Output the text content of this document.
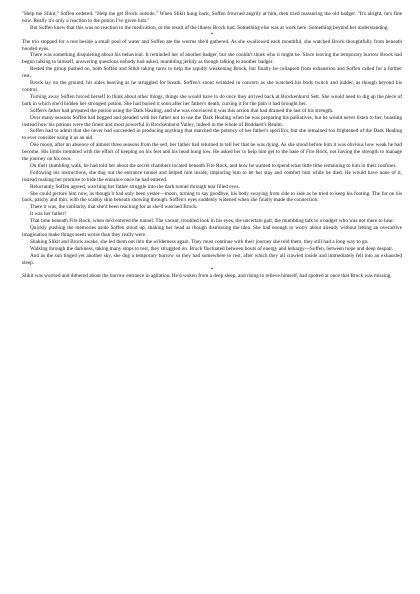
"Help me Slikit," Soffen ordered. "Help me get Brock outside." When Slikit hung back, Soffen frowned angrily at him, then tried reassuring the old badger. "It's alright, he's fine now. Really it's only a reaction to the potion I've given him."

But Soffen knew that this was no reaction to the medication, or the result of the illness Brock had. Something else was at work here. Something beyond her understanding.

*

The trio stopped for a rest beside a small pool of water and Soffen ate the worms she'd gathered. As she swallowed each mouthful, she watched Brock thoughtfully from beneath hooded eyes.

There was something disquieting about his behaviour. It reminded her of another badger, but she couldn't think who it might be. Since leaving the temporary burrow Brock had begun talking to himself, answering questions nobody had asked, mumbling jerkily as though talking to another badger.

Rested the group pushed on, both Soffen and Slikit taking turns to help the rapidly weakening Brock, but finally he collapsed from exhaustion and Soffen called for a further rest.

Brock lay on the ground, his sides heaving as he struggled for breath. Soffen's snout wrinkled in concern as she watched his body twitch and judder, as though beyond his control.

Turning away Soffen forced herself to think about other things, things she would have to do once they arrived back at Brockenhurst Sett. She would need to dig up the piece of bark in which she'd hidden her strongest potion. She had buried it soon after her father's death, cursing it for the pain it had brought her.

Soffen's father had prepared the potion using the Dark Healing, and she was convinced it was this action that had drained the last of his strength.

Over many seasons Soffen had begged and pleaded with her father not to use the Dark Healing when he was preparing his palliatives, but he would never listen to her, boasting instead how his potions were the finest and most powerful in Brockenhurst Valley, indeed in the whole of Boddaert's Realm.

Soffen had to admit that she never had succeeded in producing anything that matched the potency of her father's specifics, but she remained too frightened of the Dark Healing to ever consider using it as an aid.

One moon, after an absence of almost three seasons from the sett, her father had returned to tell her that he was dying. As she stood before him it was obvious how weak he had become. His limbs trembled with the effort of keeping on his feet and his head hung low. He asked her to help him get to the base of Fire Rock, not having the strength to manage the journey on his own.

On their stumbling walk, he had told her about the secret chambers located beneath Fire Rock, and how he wanted to spend what little time remaining to him in their confines.

Following his instructions, she dug out the entrance tunnel and helped him inside, imploring him to let her stay and comfort him while he died. He would have none of it, instead making her promise to hide the entrance once he had entered.

Reluctantly Soffen agreed, watching her father struggle into the dark tunnel through tear filled eyes.

She could picture him now, as though it had only been yester—moon, turning to say goodbye, his body swaying from side to side as he tried to keep his footing. The fur on his back, patchy and thin, with the scabby skin beneath showing through. Soffen's eyes suddenly widened when she finally made the connection.

There it was, the similarity that she'd been reaching for as she'd watched Brock.

It was her father!

That time beneath Fire Rock, when he'd entered the tunnel. The vacant, troubled look in his eyes, the uncertain gait, the mumbling talk to a badger who was not there to hear.

Quickly pushing the memories aside Soffen stood up, shaking her head as though dismissing the idea. She had enough to worry about already without letting an overactive imagination make things seem worse than they really were.

Shaking Slikit and Brock awake, she led them out into the wilderness again. They must continue with their journey she told them, they still had a long way to go.

Walking through the darkness, taking many stops to rest, they struggled on. Brock fluctuated between bouts of energy and lethargy—Soffen, between hope and deep despair.

And as the sun tinged yet another sky, she dug a temporary burrow so they had somewhere to rest, after which they all crawled inside and immediately fell into an exhausted sleep.

*

Slikit was worried and dithered about the burrow entrance in agitation. He'd woken from a deep sleep, and rising to relieve himself, had spotted at once that Brock was missing.
